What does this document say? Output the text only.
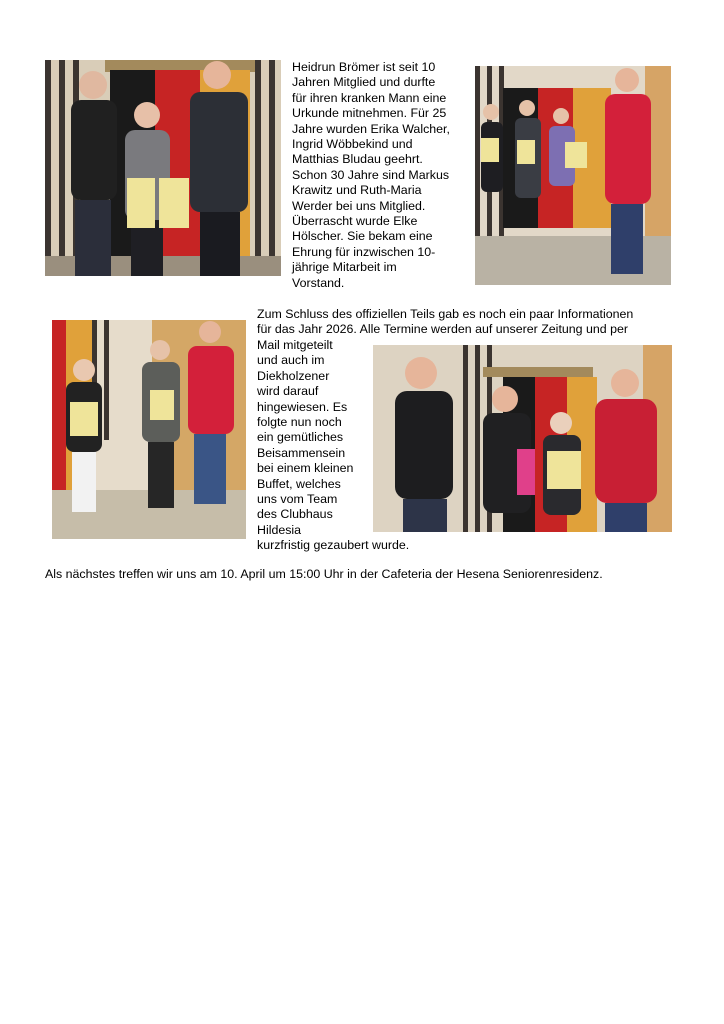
Heidrun Brömer ist seit 10
Jahren Mitglied und durfte
für ihren kranken Mann eine
Urkunde mitnehmen. Für 25
Jahre wurden Erika Walcher,
Ingrid Wöbbekind und
Matthias Bludau geehrt.
Schon 30 Jahre sind Markus
Krawitz und Ruth-Maria
Werder bei uns Mitglied.
Überrascht wurde Elke
Hölscher. Sie bekam eine
Ehrung für inzwischen 10-
jährige Mitarbeit im
Vorstand.
Zum Schluss des offiziellen Teils gab es noch ein paar Informationen
für das Jahr 2026. Alle Termine werden auf unserer Zeitung und per
Mail mitgeteilt
und auch im
Diekholzener
wird darauf
hingewiesen. Es
folgte nun noch
ein gemütliches
Beisammensein
bei einem kleinen
Buffet, welches
uns vom Team
des Clubhaus
Hildesia
kurzfristig gezaubert wurde.

Als nächstes treffen wir uns am 10. April um 15:00 Uhr in der Cafeteria der Hesena Seniorenresidenz.
